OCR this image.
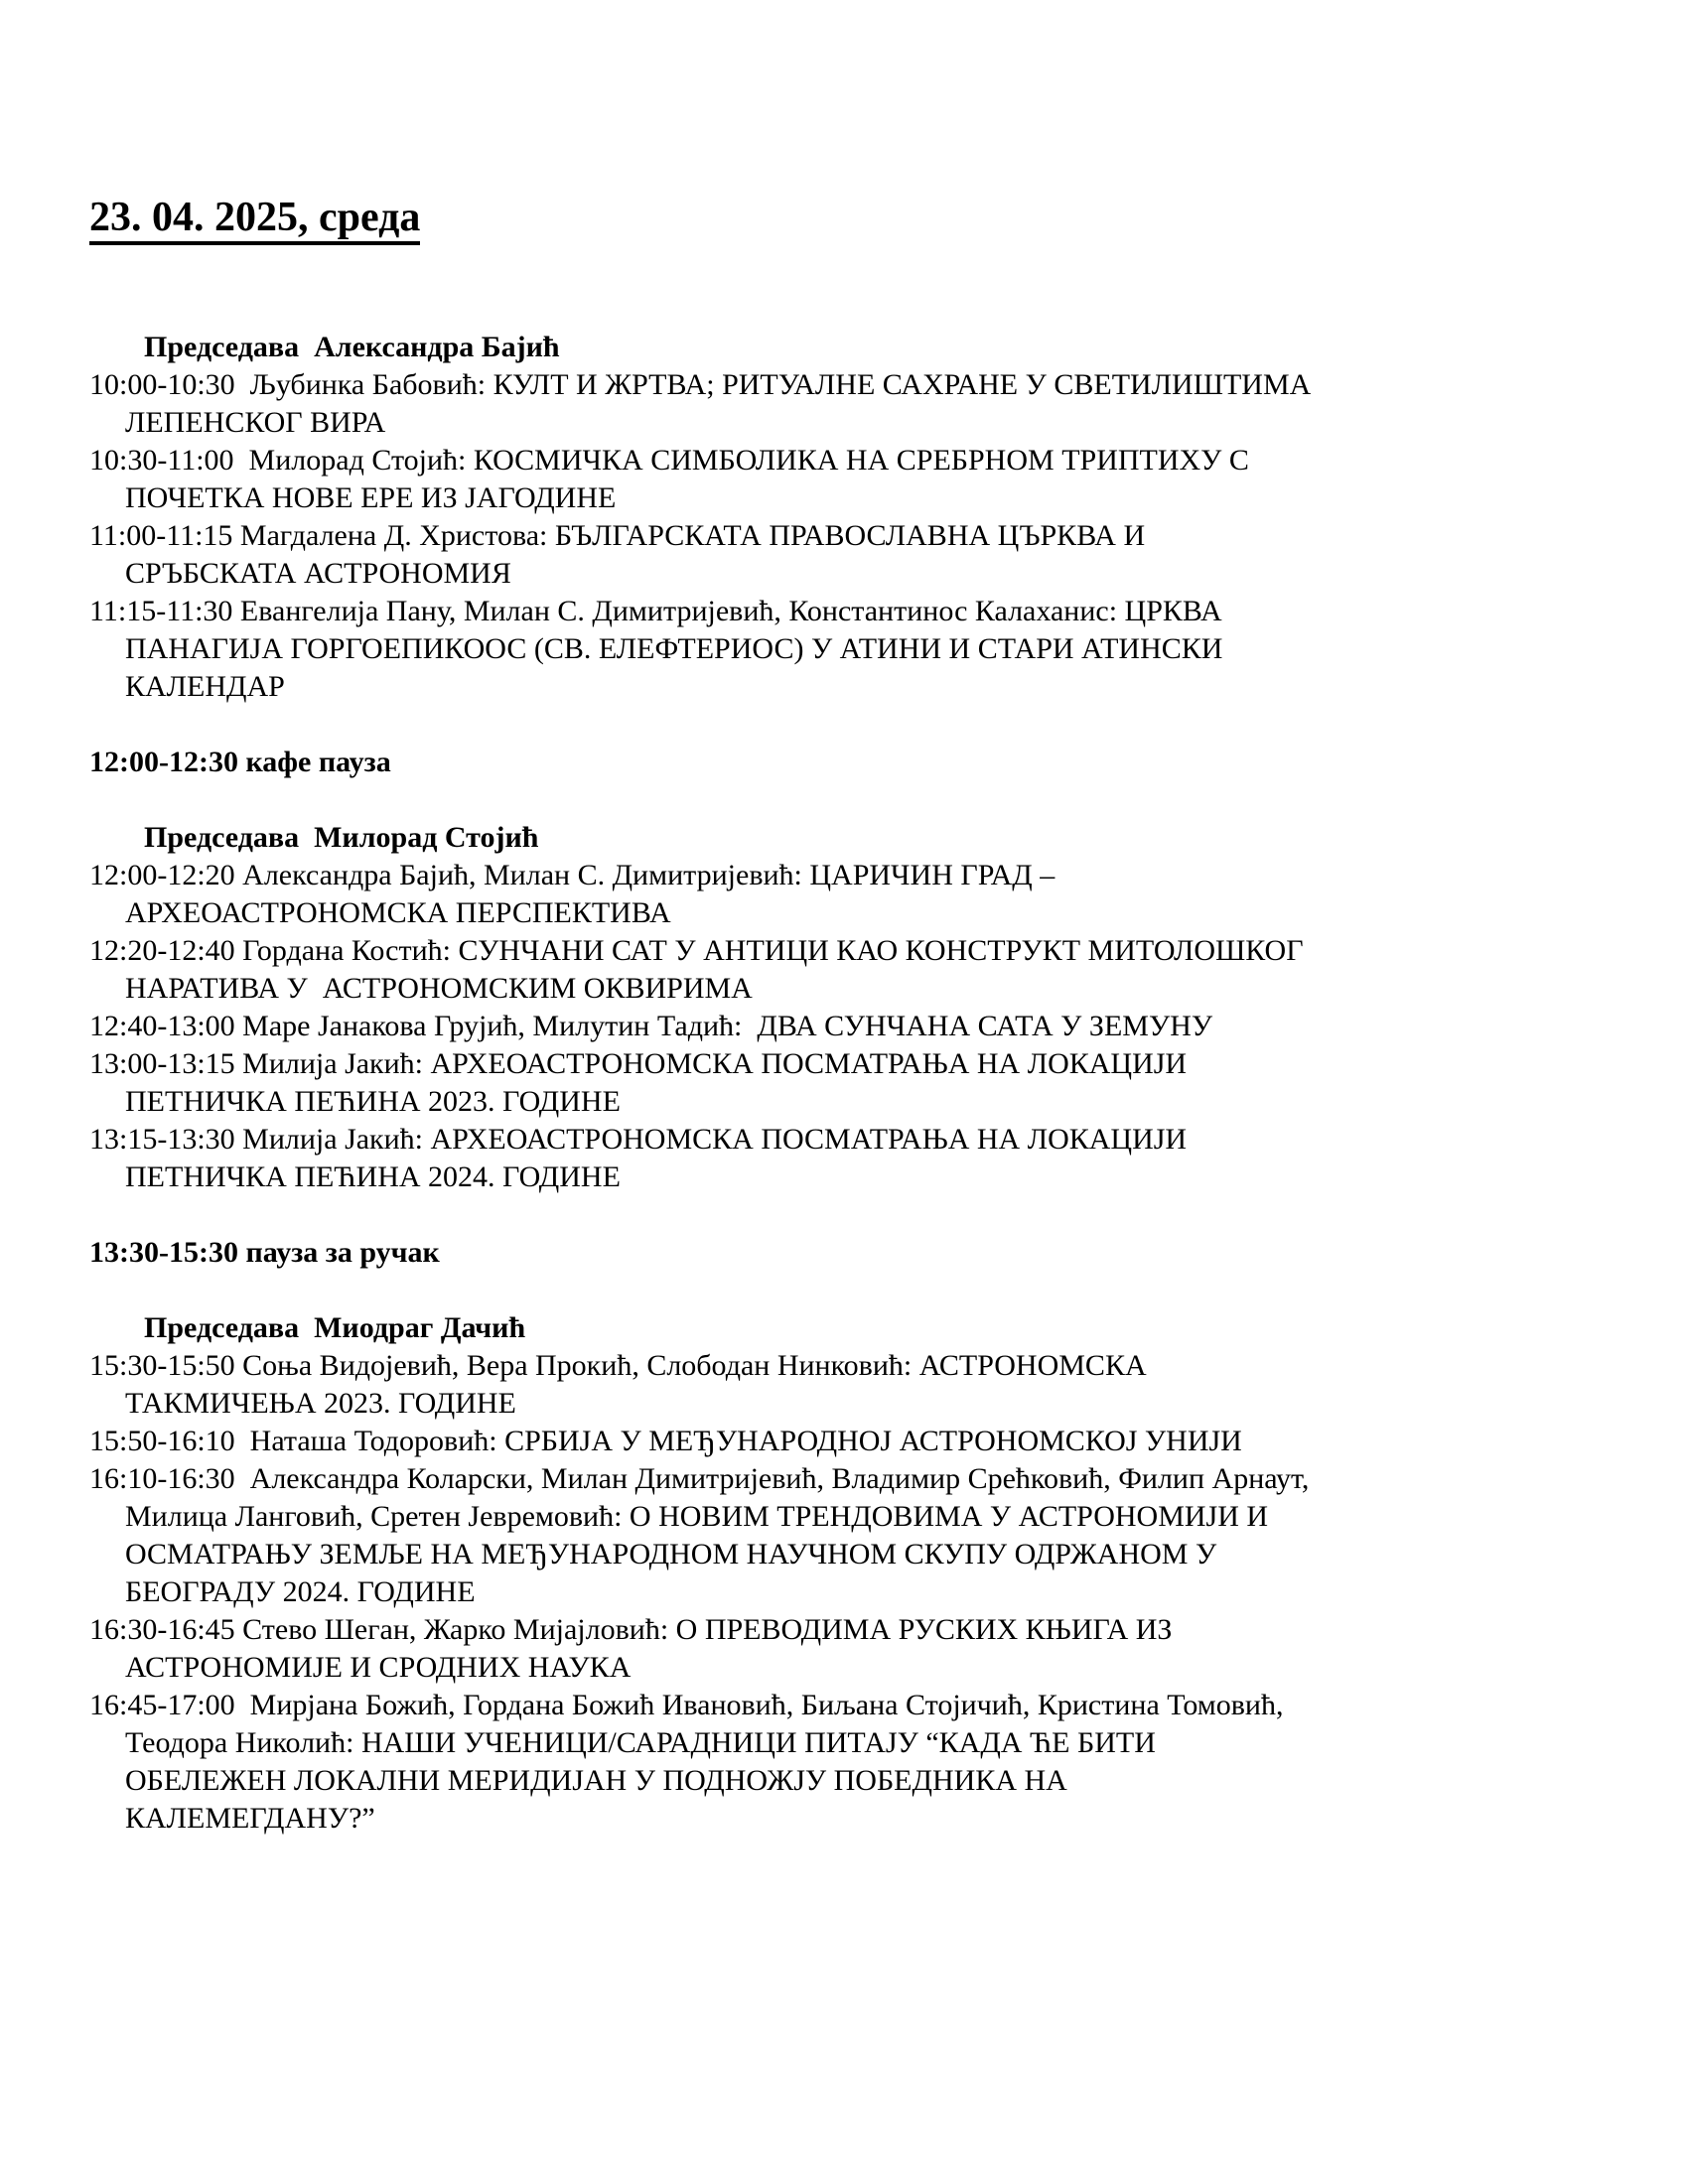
23. 04. 2025, среда
Председава  Александра Бајић
10:00-10:30  Љубинка Бабовић: КУЛТ И ЖРТВА; РИТУАЛНЕ САХРАНЕ У СВЕТИЛИШТИМА
ЛЕПЕНСКОГ ВИРА
10:30-11:00  Милорад Стојић: КОСМИЧКА СИМБОЛИКА НА СРЕБРНОМ ТРИПТИХУ С
ПОЧЕТКА НОВЕ ЕРЕ ИЗ ЈАГОДИНЕ
11:00-11:15 Магдалена Д. Христова: БЪЛГАРСКАТА ПРАВОСЛАВНА ЦЪРКВА И
СРЪБСКАТА АСТРОНОМИЯ
11:15-11:30 Евангелија Пану, Милан С. Димитријевић, Константинос Калаханис: ЦРКВА
ПАНАГИЈА ГОРГОЕПИКООС (СВ. ЕЛЕФТЕРИОС) У АТИНИ И СТАРИ АТИНСКИ
КАЛЕНДАР
12:00-12:30 кафе пауза
Председава  Милорад Стојић
12:00-12:20 Александра Бајић, Милан С. Димитријевић: ЦАРИЧИН ГРАД –
АРХЕОАСТРОНОМСКА ПЕРСПЕКТИВА
12:20-12:40 Гордана Костић: СУНЧАНИ САТ У АНТИЦИ КАО КОНСТРУКТ МИТОЛОШКОГ
НАРАТИВА У  АСТРОНОМСКИМ ОКВИРИМА
12:40-13:00 Маре Јанакова Грујић, Милутин Тадић:  ДВА СУНЧАНА САТА У ЗЕМУНУ
13:00-13:15 Милија Јакић: АРХЕОАСТРОНОМСКА ПОСМАТРАЊА НА ЛОКАЦИЈИ
ПЕТНИЧКА ПЕЋИНА 2023. ГОДИНЕ
13:15-13:30 Милија Јакић: АРХЕОАСТРОНОМСКА ПОСМАТРАЊА НА ЛОКАЦИЈИ
ПЕТНИЧКА ПЕЋИНА 2024. ГОДИНЕ
13:30-15:30 пауза за ручак
Председава  Миодраг Дачић
15:30-15:50 Соња Видојевић, Вера Прокић, Слободан Нинковић: АСТРОНОМСКА
ТАКМИЧЕЊА 2023. ГОДИНЕ
15:50-16:10  Наташа Тодоровић: СРБИЈА У МЕЂУНАРОДНОЈ АСТРОНОМСКОЈ УНИЈИ
16:10-16:30  Александра Коларски, Милан Димитријевић, Владимир Срећковић, Филип Арнаут,
Милица Ланговић, Сретен Јевремовић: О НОВИМ ТРЕНДОВИМА У АСТРОНОМИЈИ И
ОСМАТРАЊУ ЗЕМЉЕ НА МЕЂУНАРОДНОМ НАУЧНОМ СКУПУ ОДРЖАНОМ У
БЕОГРАДУ 2024. ГОДИНЕ
16:30-16:45 Стево Шеган, Жарко Мијајловић: О ПРЕВОДИМА РУСКИХ КЊИГА ИЗ
АСТРОНОМИЈЕ И СРОДНИХ НАУКА
16:45-17:00  Мирјана Божић, Гордана Божић Ивановић, Биљана Стојичић, Кристина Томовић,
Теодора Николић: НАШИ УЧЕНИЦИ/САРАДНИЦИ ПИТАЈУ “КАДА ЋЕ БИТИ
ОБЕЛЕЖЕН ЛОКАЛНИ МЕРИДИЈАН У ПОДНОЖЈУ ПОБЕДНИКА НА
КАЛЕМЕГДАНУ?”
